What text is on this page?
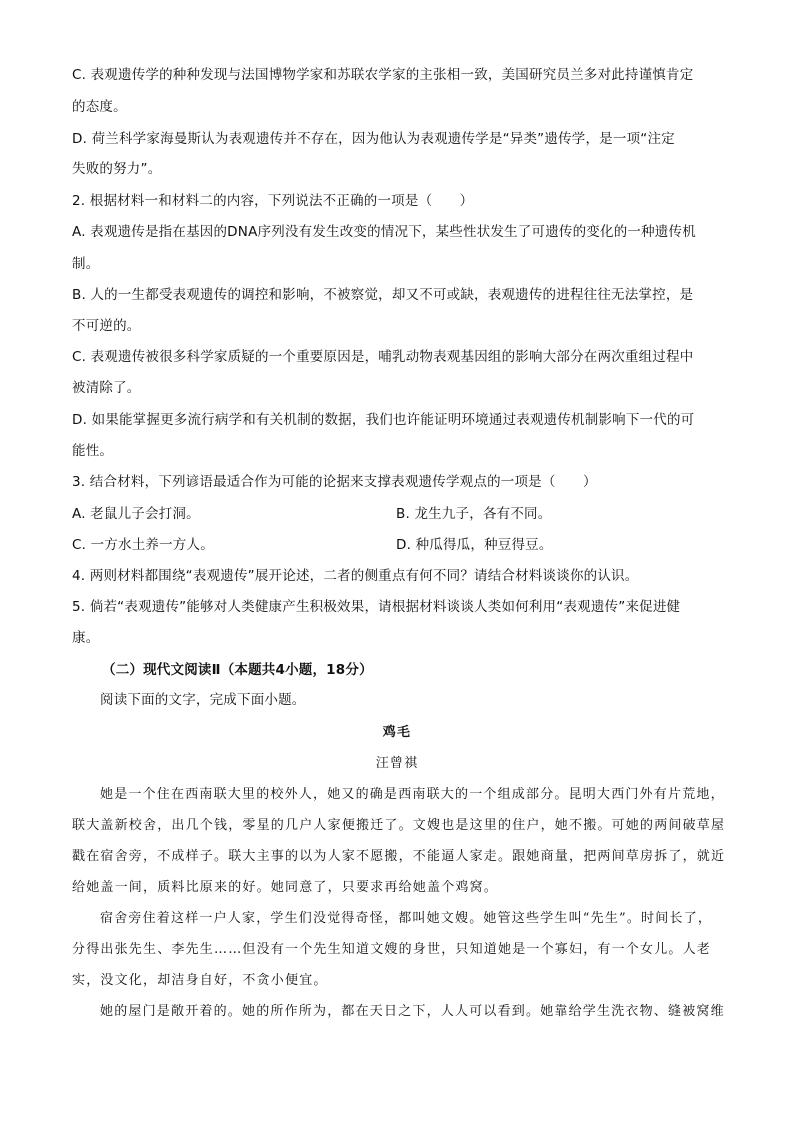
C. 表观遗传学的种种发现与法国博物学家和苏联农学家的主张相一致，美国研究员兰多对此持谨慎肯定
的态度。
D. 荷兰科学家海曼斯认为表观遗传并不存在，因为他认为表观遗传学是“异类”遗传学，是一项“注定
失败的努力”。
2. 根据材料一和材料二的内容，下列说法不正确的一项是（　　）
A. 表观遗传是指在基因的DNA序列没有发生改变的情况下，某些性状发生了可遗传的变化的一种遗传机
制。
B. 人的一生都受表观遗传的调控和影响，不被察觉，却又不可或缺，表观遗传的进程往往无法掌控，是
不可逆的。
C. 表观遗传被很多科学家质疑的一个重要原因是，哺乳动物表观基因组的影响大部分在两次重组过程中
被清除了。
D. 如果能掌握更多流行病学和有关机制的数据，我们也许能证明环境通过表观遗传机制影响下一代的可
能性。
3. 结合材料，下列谚语最适合作为可能的论据来支撑表观遗传学观点的一项是（　　）
A. 老鼠儿子会打洞。	B. 龙生九子，各有不同。
C. 一方水土养一方人。	D. 种瓜得瓜，种豆得豆。
4. 两则材料都围绕“表观遗传”展开论述，二者的侧重点有何不同？请结合材料谈谈你的认识。
5. 倘若“表观遗传”能够对人类健康产生积极效果，请根据材料谈谈人类如何利用“表观遗传”来促进健
康。
（二）现代文阅读Ⅱ（本题共4小题，18分）
阅读下面的文字，完成下面小题。
鸡毛
汪曾祺
她是一个住在西南联大里的校外人，她又的确是西南联大的一个组成部分。昆明大西门外有片荒地，
联大盖新校舍，出几个钱，零星的几户人家便搬迁了。文嫂也是这里的住户，她不搬。可她的两间破草屋
戳在宿舍旁，不成样子。联大主事的以为人家不愿搬，不能逼人家走。跟她商量，把两间草房拆了，就近
给她盖一间，质料比原来的好。她同意了，只要求再给她盖个鸡窝。
宿舍旁住着这样一户人家，学生们没觉得奇怪，都叫她文嫂。她管这些学生叫“先生”。时间长了，
分得出张先生、李先生……但没有一个先生知道文嫂的身世，只知道她是一个寡妇，有一个女儿。人老
实，没文化，却洁身自好，不贪小便宜。
她的屋门是敞开着的。她的所作所为，都在天日之下，人人可以看到。她靠给学生洗衣物、缝被窝维
